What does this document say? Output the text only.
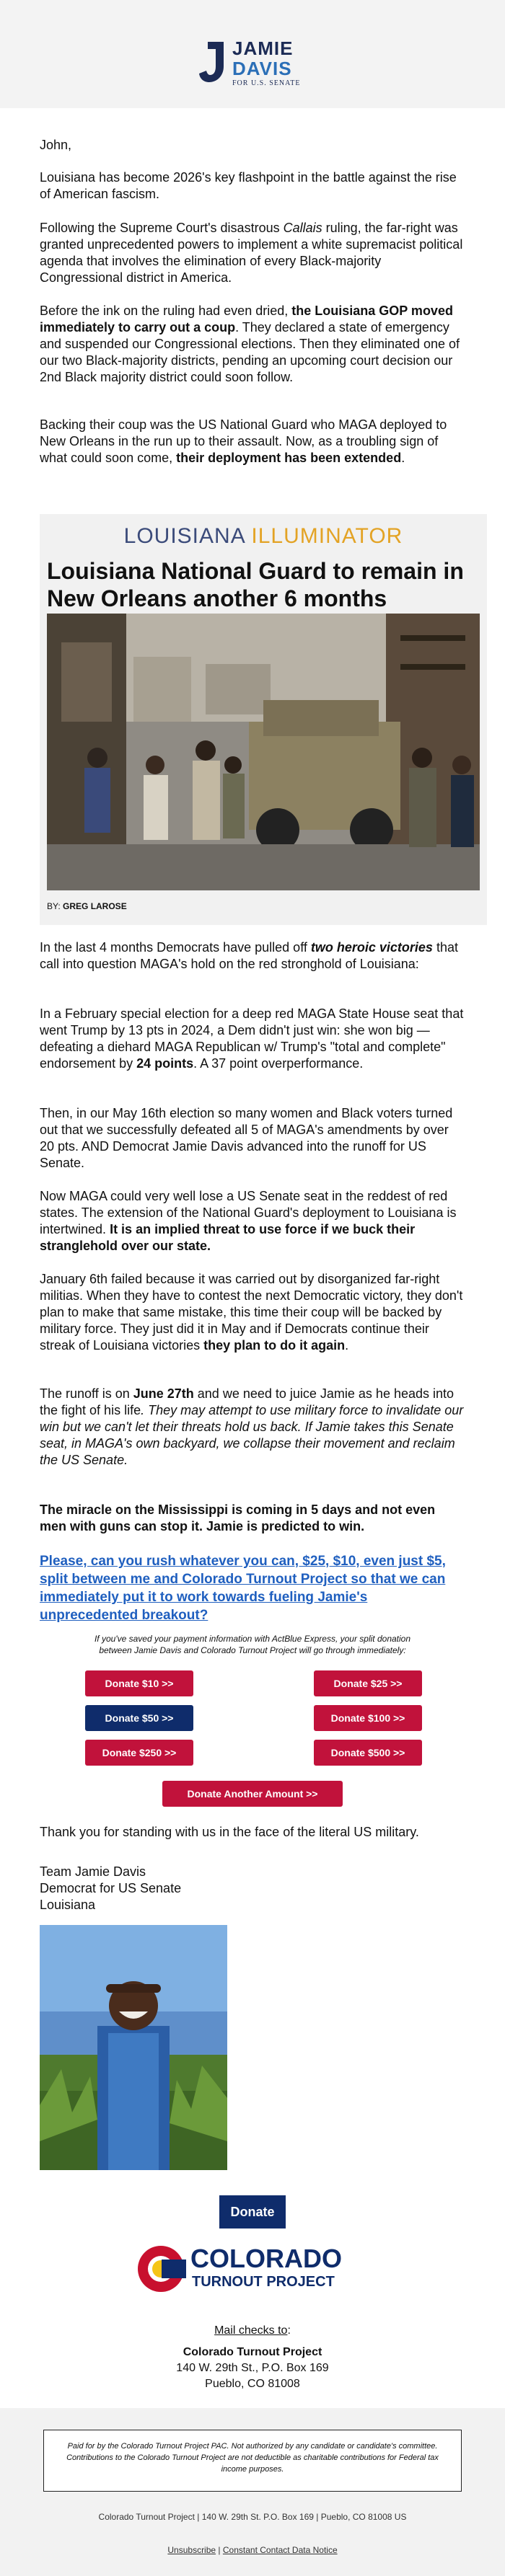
JAMIE
DAVIS
FOR U.S. SENATE

John,

Louisiana has become 2026's key flashpoint in the battle against the rise of American fascism.

Following the Supreme Court's disastrous Callais ruling, the far-right was granted unprecedented powers to implement a white supremacist political agenda that involves the elimination of every Black-majority Congressional district in America.

Before the ink on the ruling had even dried, the Louisiana GOP moved immediately to carry out a coup. They declared a state of emergency and suspended our Congressional elections. Then they eliminated one of our two Black-majority districts, pending an upcoming court decision our 2nd Black majority district could soon follow.

Backing their coup was the US National Guard who MAGA deployed to New Orleans in the run up to their assault. Now, as a troubling sign of what could soon come, their deployment has been extended.

LOUISIANA ILLUMINATOR
Louisiana National Guard to remain in New Orleans another 6 months
BY: GREG LAROSE

In the last 4 months Democrats have pulled off two heroic victories that call into question MAGA's hold on the red stronghold of Louisiana:

In a February special election for a deep red MAGA State House seat that went Trump by 13 pts in 2024, a Dem didn't just win: she won big — defeating a diehard MAGA Republican w/ Trump's "total and complete" endorsement by 24 points. A 37 point overperformance.

Then, in our May 16th election so many women and Black voters turned out that we successfully defeated all 5 of MAGA's amendments by over 20 pts. AND Democrat Jamie Davis advanced into the runoff for US Senate.

Now MAGA could very well lose a US Senate seat in the reddest of red states. The extension of the National Guard's deployment to Louisiana is intertwined. It is an implied threat to use force if we buck their stranglehold over our state.

January 6th failed because it was carried out by disorganized far-right militias. When they have to contest the next Democratic victory, they don't plan to make that same mistake, this time their coup will be backed by military force. They just did it in May and if Democrats continue their streak of Louisiana victories they plan to do it again.

The runoff is on June 27th and we need to juice Jamie as he heads into the fight of his life. They may attempt to use military force to invalidate our win but we can't let their threats hold us back. If Jamie takes this Senate seat, in MAGA's own backyard, we collapse their movement and reclaim the US Senate.

The miracle on the Mississippi is coming in 5 days and not even men with guns can stop it. Jamie is predicted to win.

Please, can you rush whatever you can, $25, $10, even just $5, split between me and Colorado Turnout Project so that we can immediately put it to work towards fueling Jamie's unprecedented breakout?

If you've saved your payment information with ActBlue Express, your split donation between Jamie Davis and Colorado Turnout Project will go through immediately:
Donate $10 >>	Donate $25 >>
Donate $50 >>	Donate $100 >>
Donate $250 >>	Donate $500 >>
Donate Another Amount >>

Thank you for standing with us in the face of the literal US military.

Team Jamie Davis

Democrat for US Senate

Louisiana

Donate
COLORADO
TURNOUT PROJECT
Mail checks to:
Colorado Turnout Project
140 W. 29th St., P.O. Box 169
Pueblo, CO 81008
Paid for by the Colorado Turnout Project PAC. Not authorized by any candidate or candidate's committee. Contributions to the Colorado Turnout Project are not deductible as charitable contributions for Federal tax income purposes.
Colorado Turnout Project | 140 W. 29th St. P.O. Box 169 | Pueblo, CO 81008 US
Unsubscribe | Constant Contact Data Notice
